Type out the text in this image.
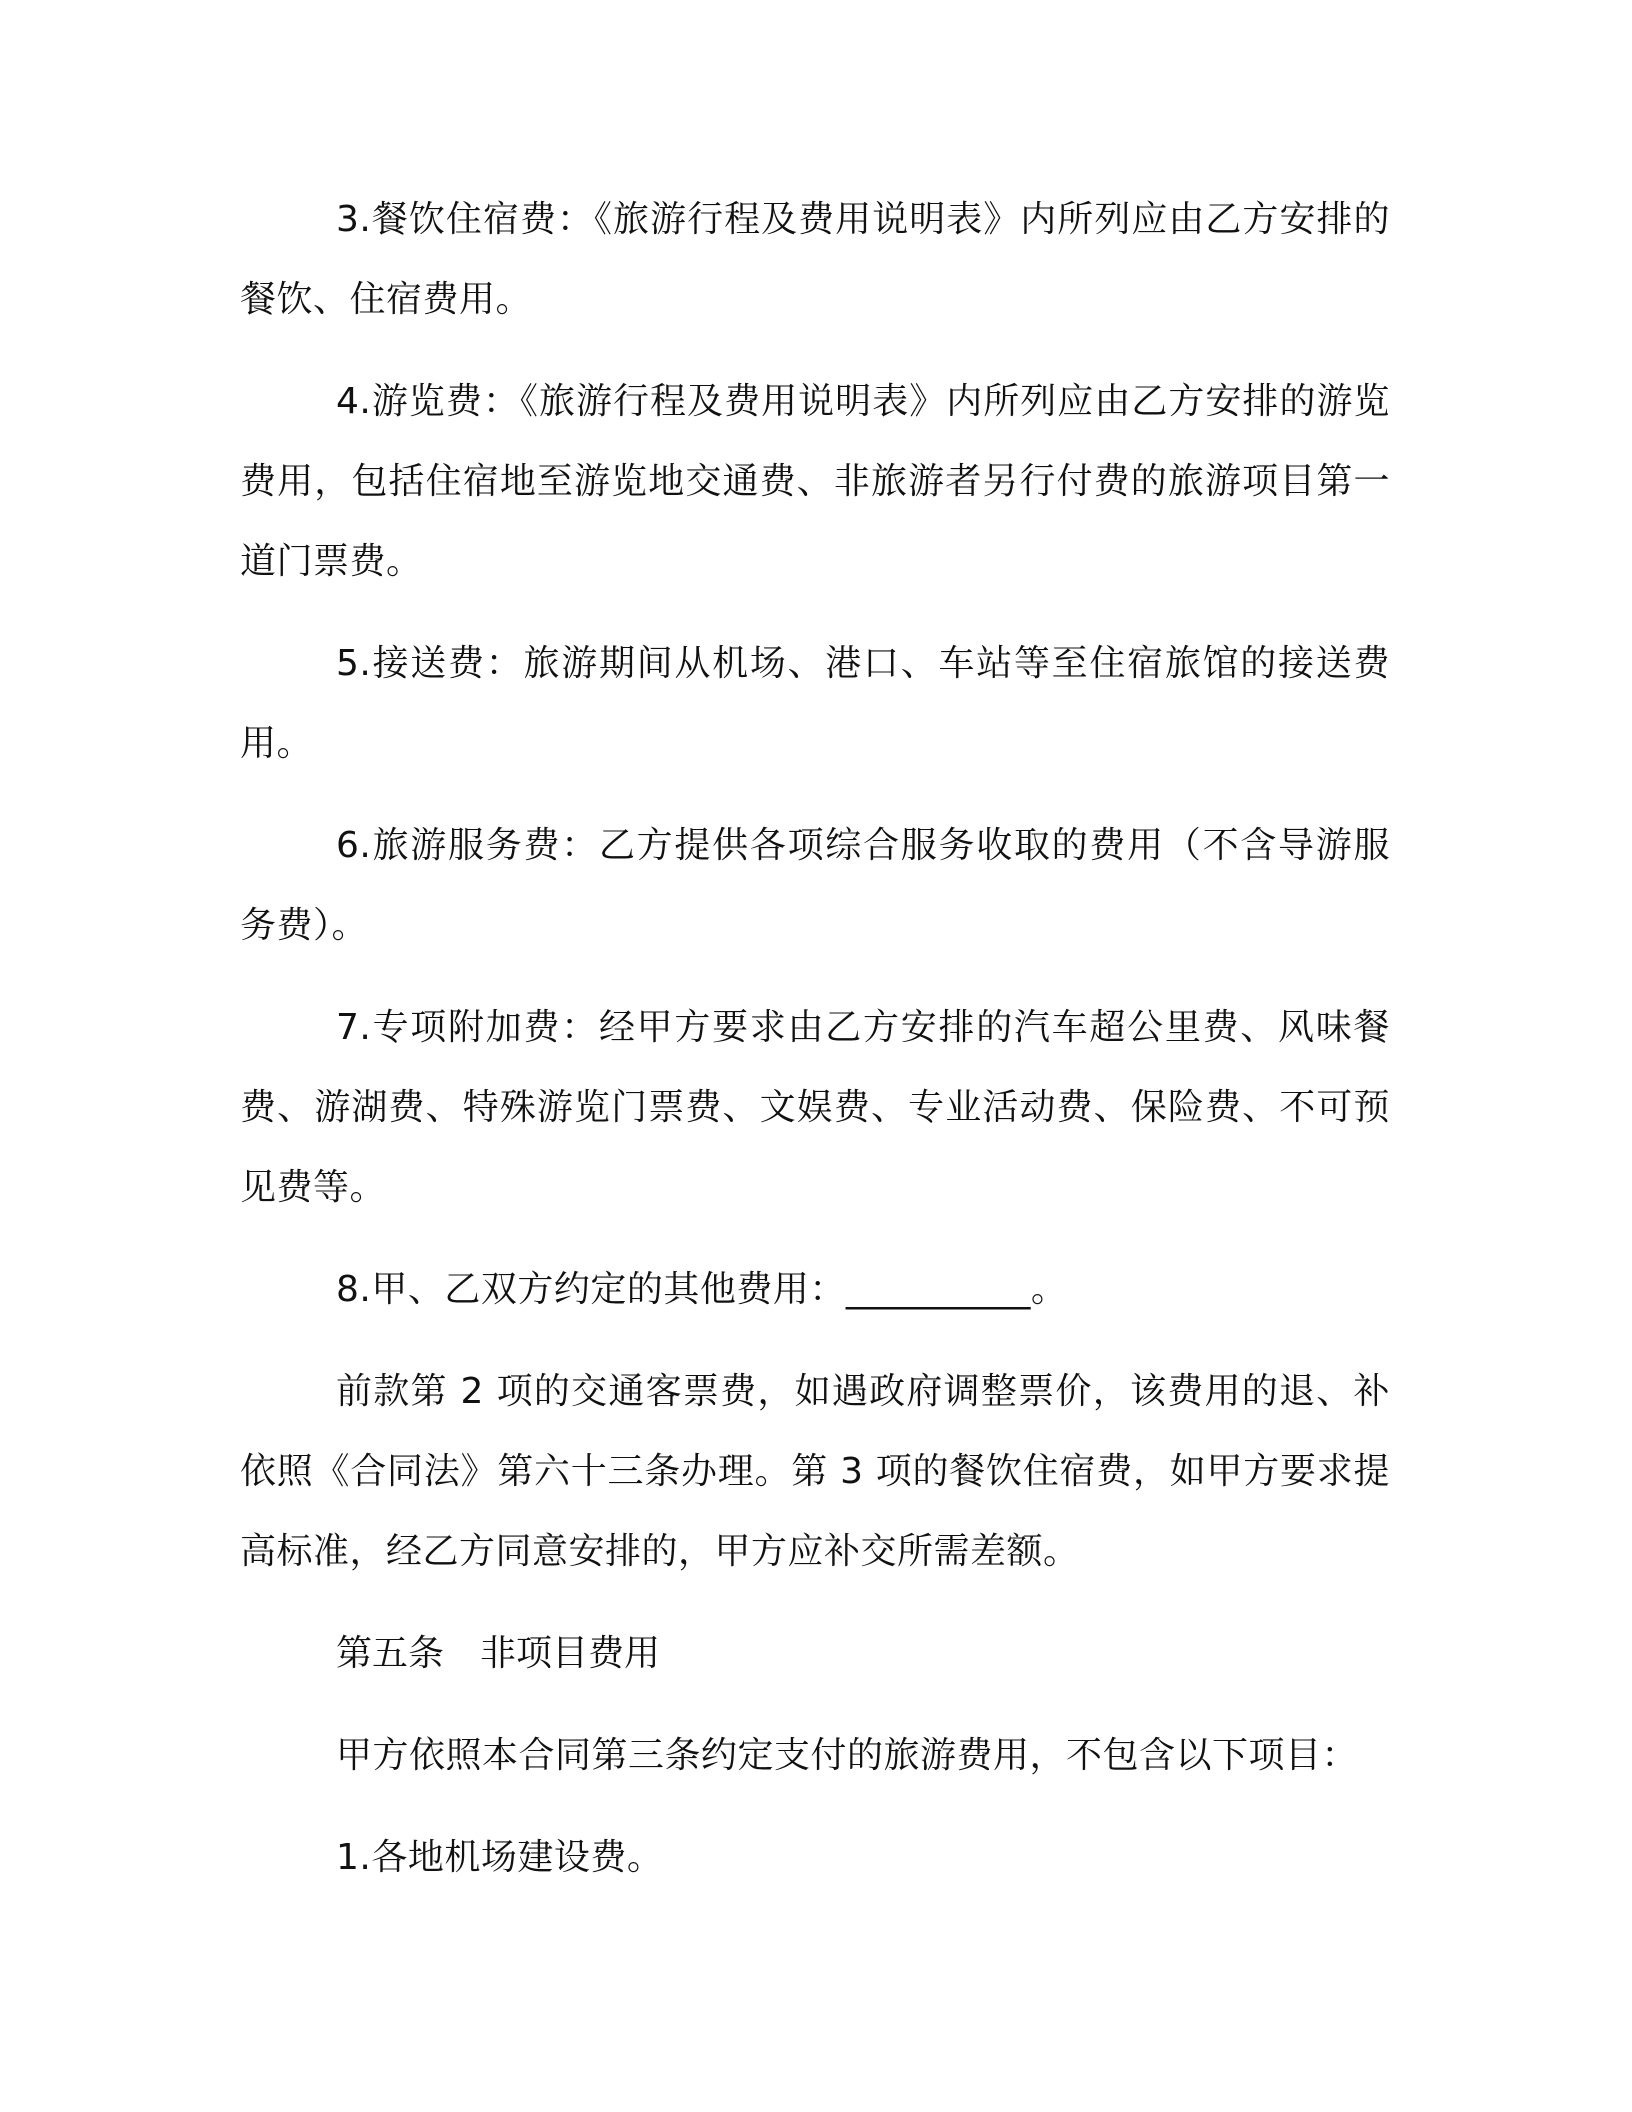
3.餐饮住宿费：《旅游行程及费用说明表》内所列应由乙方安排的餐饮、住宿费用。

4.游览费：《旅游行程及费用说明表》内所列应由乙方安排的游览费用，包括住宿地至游览地交通费、非旅游者另行付费的旅游项目第一道门票费。

5.接送费：旅游期间从机场、港口、车站等至住宿旅馆的接送费用。

6.旅游服务费：乙方提供各项综合服务收取的费用（不含导游服务费）。

7.专项附加费：经甲方要求由乙方安排的汽车超公里费、风味餐费、游湖费、特殊游览门票费、文娱费、专业活动费、保险费、不可预见费等。

8.甲、乙双方约定的其他费用：__________。

前款第 2 项的交通客票费，如遇政府调整票价，该费用的退、补依照《合同法》第六十三条办理。第 3 项的餐饮住宿费，如甲方要求提高标准，经乙方同意安排的，甲方应补交所需差额。

第五条　非项目费用

甲方依照本合同第三条约定支付的旅游费用，不包含以下项目：

1.各地机场建设费。
